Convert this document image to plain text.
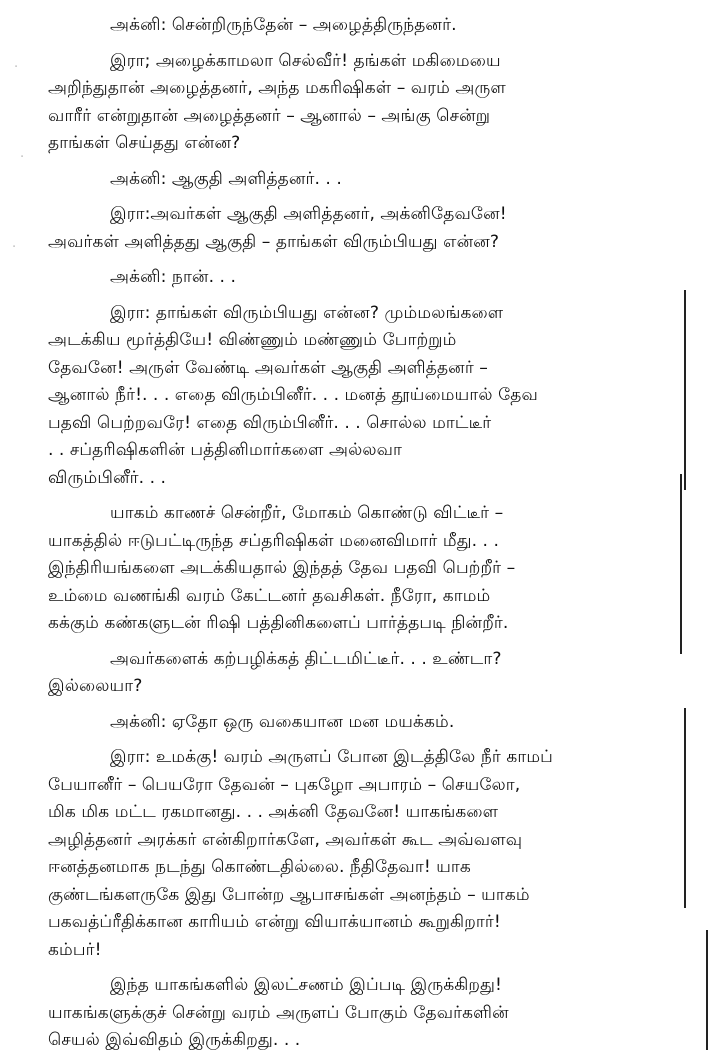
அக்னி: சென்றிருந்தேன் – அழைத்திருந்தனர்.

இரா; அழைக்காமலா செல்வீர்! தங்கள் மகிமையை
அறிந்துதான் அழைத்தனர், அந்த மகரிஷிகள் – வரம் அருள
வாரீர் என்றுதான் அழைத்தனர் – ஆனால் – அங்கு சென்று
தாங்கள் செய்தது என்ன?

அக்னி: ஆகுதி அளித்தனர். . .

இரா:அவர்கள் ஆகுதி அளித்தனர், அக்னிதேவனே!
அவர்கள் அளித்தது ஆகுதி – தாங்கள் விரும்பியது என்ன?

அக்னி: நான். . .

இரா: தாங்கள் விரும்பியது என்ன? மும்மலங்களை
அடக்கிய மூர்த்தியே! விண்ணும் மண்ணும் போற்றும்
தேவனே! அருள் வேண்டி அவர்கள் ஆகுதி அளித்தனர் –
ஆனால் நீர்!. . . எதை விரும்பினீர். . . மனத் தூய்மையால் தேவ
பதவி பெற்றவரே! எதை விரும்பினீர். . . சொல்ல மாட்டீர்
. . சப்தரிஷிகளின் பத்தினிமார்களை அல்லவா
விரும்பினீர். . .

யாகம் காணச் சென்றீர், மோகம் கொண்டு விட்டீர் –
யாகத்தில் ஈடுபட்டிருந்த சப்தரிஷிகள் மனைவிமார் மீது. . .
இந்திரியங்களை அடக்கியதால் இந்தத் தேவ பதவி பெற்றீர் –
உம்மை வணங்கி வரம் கேட்டனர் தவசிகள். நீரோ, காமம்
கக்கும் கண்களுடன் ரிஷி பத்தினிகளைப் பார்த்தபடி நின்றீர்.

அவர்களைக் கற்பழிக்கத் திட்டமிட்டீர். . . உண்டா?
இல்லையா?

அக்னி: ஏதோ ஒரு வகையான மன மயக்கம்.

இரா: உமக்கு! வரம் அருளப் போன இடத்திலே நீர் காமப்
பேயானீர் – பெயரோ தேவன் – புகழோ அபாரம் – செயலோ,
மிக மிக மட்ட ரகமானது. . . அக்னி தேவனே! யாகங்களை
அழித்தனர் அரக்கர் என்கிறார்களே, அவர்கள் கூட அவ்வளவு
ஈனத்தனமாக நடந்து கொண்டதில்லை. நீதிதேவா! யாக
குண்டங்களருகே இது போன்ற ஆபாசங்கள் அனந்தம் – யாகம்
பகவத்ப்ரீதிக்கான காரியம் என்று வியாக்யானம் கூறுகிறார்!
கம்பர்!

இந்த யாகங்களில் இலட்சணம் இப்படி இருக்கிறது!
யாகங்களுக்குச் சென்று வரம் அருளப் போகும் தேவர்களின்
செயல் இவ்விதம் இருக்கிறது. . .

·
·
·
